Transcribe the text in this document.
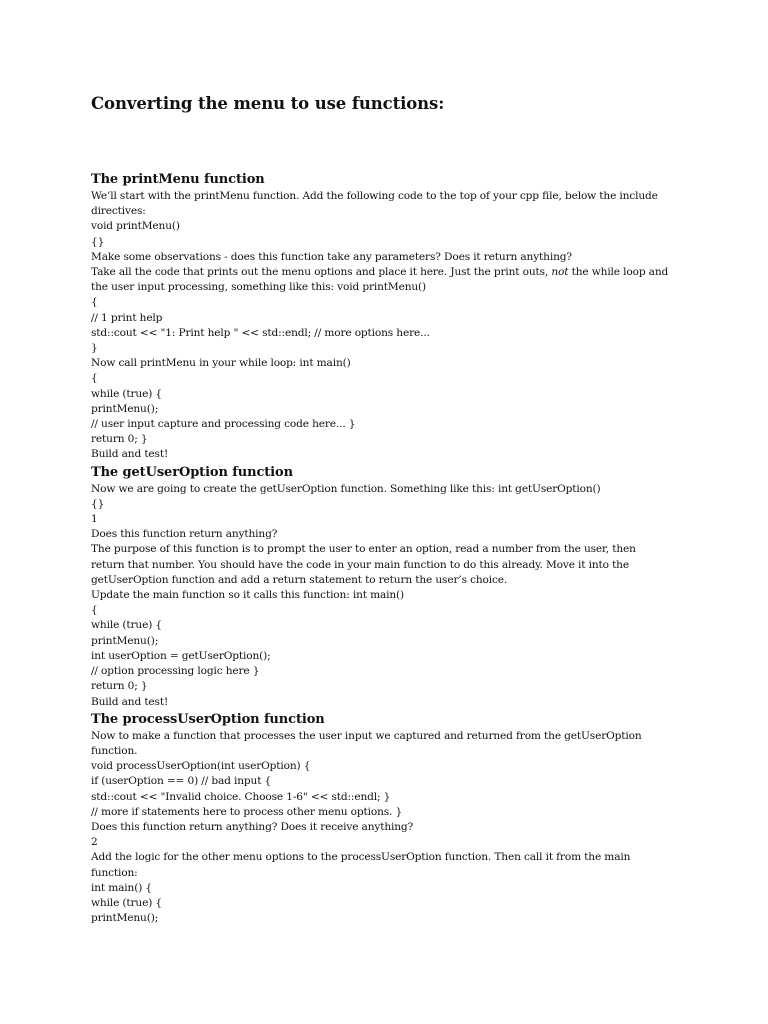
Converting the menu to use functions:
The printMenu function

We’ll start with the printMenu function. Add the following code to the top of your cpp file, below the include

directives:

void printMenu()

{}

Make some observations - does this function take any parameters? Does it return anything?

Take all the code that prints out the menu options and place it here. Just the print outs, not the while loop and

the user input processing, something like this: void printMenu()

{

// 1 print help

std::cout << "1: Print help " << std::endl; // more options here...

}

Now call printMenu in your while loop: int main()

{

while (true) {

printMenu();

// user input capture and processing code here... }

return 0; }

Build and test!

The getUserOption function

Now we are going to create the getUserOption function. Something like this: int getUserOption()

{}

1

Does this function return anything?

The purpose of this function is to prompt the user to enter an option, read a number from the user, then

return that number. You should have the code in your main function to do this already. Move it into the

getUserOption function and add a return statement to return the user’s choice.

Update the main function so it calls this function: int main()

{

while (true) {

printMenu();

int userOption = getUserOption();

// option processing logic here }

return 0; }

Build and test!

The processUserOption function

Now to make a function that processes the user input we captured and returned from the getUserOption

function.

void processUserOption(int userOption) {

if (userOption == 0) // bad input {

std::cout << "Invalid choice. Choose 1-6" << std::endl; }

// more if statements here to process other menu options. }

Does this function return anything? Does it receive anything?

2

Add the logic for the other menu options to the processUserOption function. Then call it from the main

function:

int main() {

while (true) {

printMenu();
